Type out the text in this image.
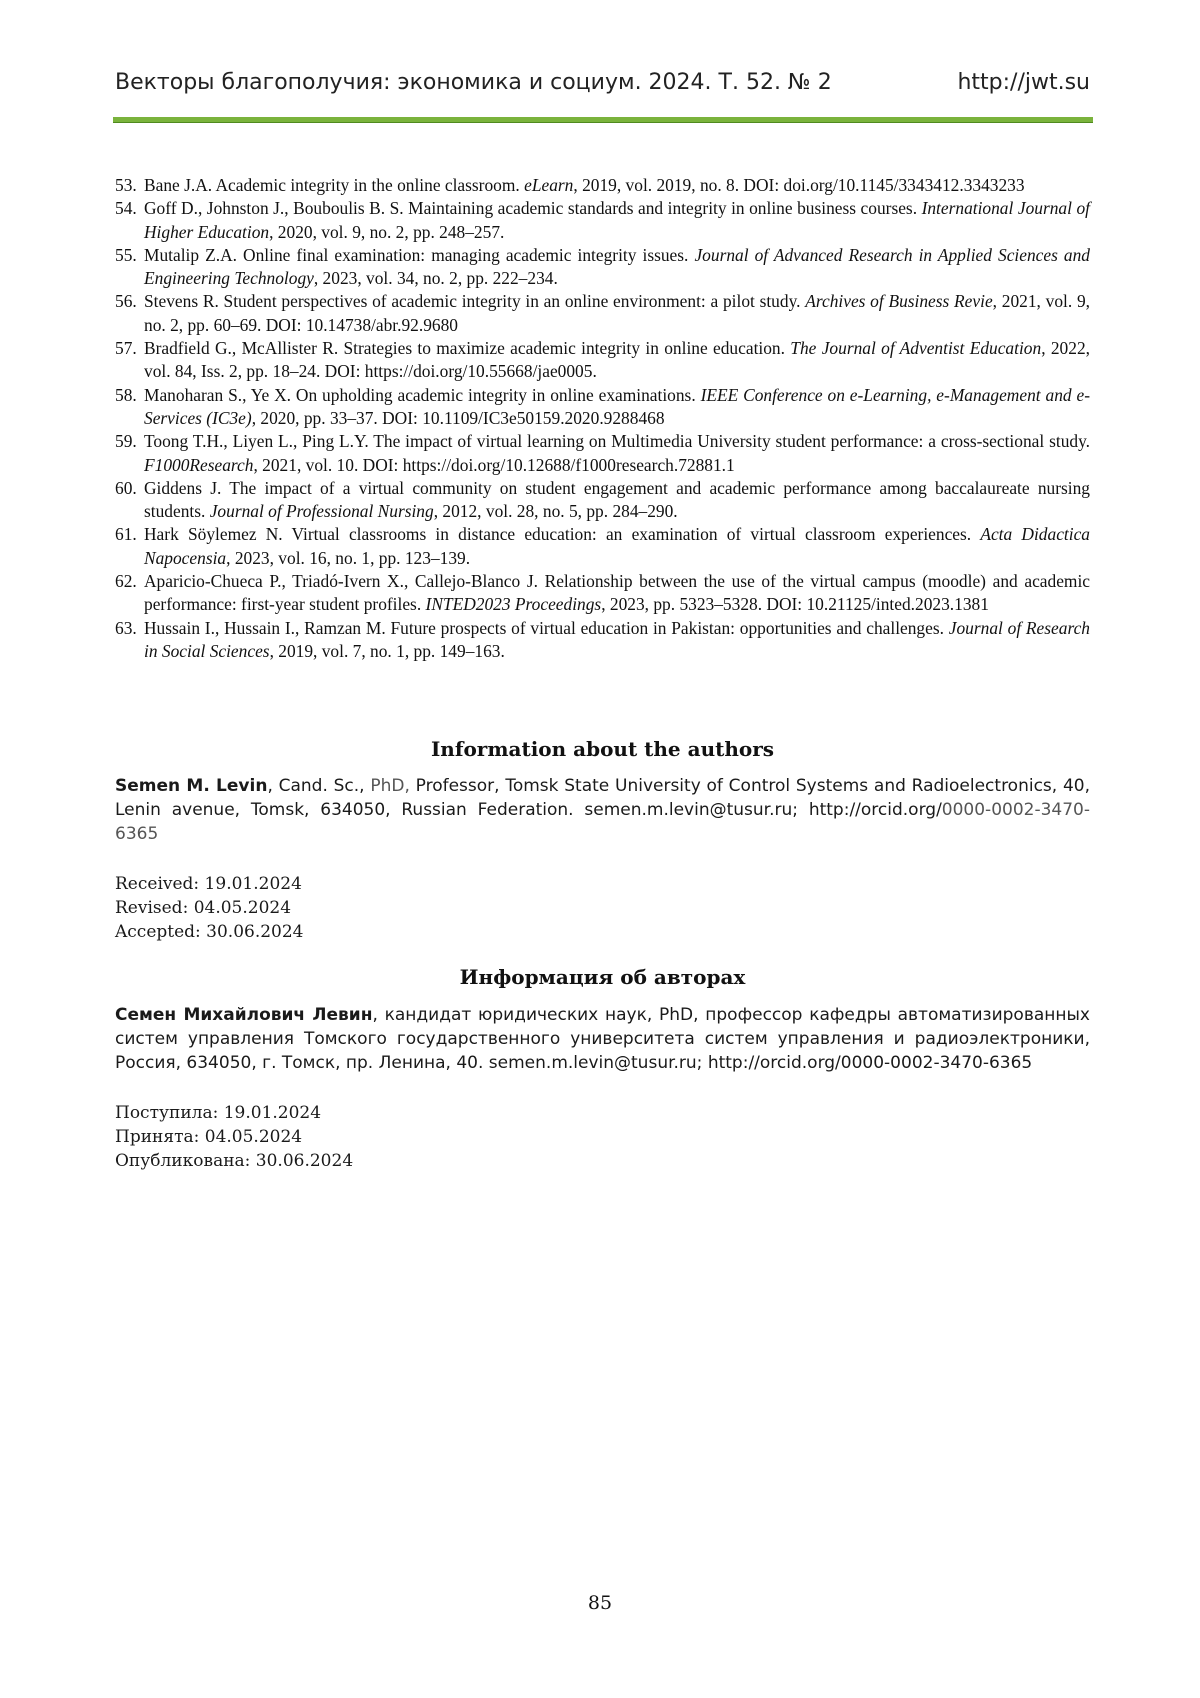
Векторы благополучия: экономика и социум. 2024. Т. 52. № 2	http://jwt.su
53. Bane J.A. Academic integrity in the online classroom. eLearn, 2019, vol. 2019, no. 8. DOI: doi.org/10.1145/3343412.3343233
54. Goff D., Johnston J., Bouboulis B. S. Maintaining academic standards and integrity in online business courses. International Journal of Higher Education, 2020, vol. 9, no. 2, pp. 248–257.
55. Mutalip Z.A. Online final examination: managing academic integrity issues. Journal of Advanced Research in Applied Sciences and Engineering Technology, 2023, vol. 34, no. 2, pp. 222–234.
56. Stevens R. Student perspectives of academic integrity in an online environment: a pilot study. Archives of Business Revie, 2021, vol. 9, no. 2, pp. 60–69. DOI: 10.14738/abr.92.9680
57. Bradfield G., McAllister R. Strategies to maximize academic integrity in online education. The Journal of Adventist Education, 2022, vol. 84, Iss. 2, pp. 18–24. DOI: https://doi.org/10.55668/jae0005.
58. Manoharan S., Ye X. On upholding academic integrity in online examinations. IEEE Conference on e-Learning, e-Management and e-Services (IC3e), 2020, pp. 33–37. DOI: 10.1109/IC3e50159.2020.9288468
59. Toong T.H., Liyen L., Ping L.Y. The impact of virtual learning on Multimedia University student performance: a cross-sectional study. F1000Research, 2021, vol. 10. DOI: https://doi.org/10.12688/f1000research.72881.1
60. Giddens J. The impact of a virtual community on student engagement and academic performance among baccalaureate nursing students. Journal of Professional Nursing, 2012, vol. 28, no. 5, pp. 284–290.
61. Hark Söylemez N. Virtual classrooms in distance education: an examination of virtual classroom experiences. Acta Didactica Napocensia, 2023, vol. 16, no. 1, pp. 123–139.
62. Aparicio-Chueca P., Triadó-Ivern X., Callejo-Blanco J. Relationship between the use of the virtual campus (moodle) and academic performance: first-year student profiles. INTED2023 Proceedings, 2023, pp. 5323–5328. DOI: 10.21125/inted.2023.1381
63. Hussain I., Hussain I., Ramzan M. Future prospects of virtual education in Pakistan: opportunities and challenges. Journal of Research in Social Sciences, 2019, vol. 7, no. 1, pp. 149–163.
Information about the authors

Semen M. Levin, Cand. Sc., PhD, Professor, Tomsk State University of Control Systems and Radioelectronics, 40, Lenin avenue, Tomsk, 634050, Russian Federation. semen.m.levin@tusur.ru; http://orcid.org/0000-0002-3470-6365

Received: 19.01.2024
Revised: 04.05.2024
Accepted: 30.06.2024
Информация об авторах

Семен Михайлович Левин, кандидат юридических наук, PhD, профессор кафедры автоматизированных систем управления Томского государственного университета систем управления и радиоэлектроники, Россия, 634050, г. Томск, пр. Ленина, 40. semen.m.levin@tusur.ru; http://orcid.org/0000-0002-3470-6365

Поступила: 19.01.2024
Принята: 04.05.2024
Опубликована: 30.06.2024
85
